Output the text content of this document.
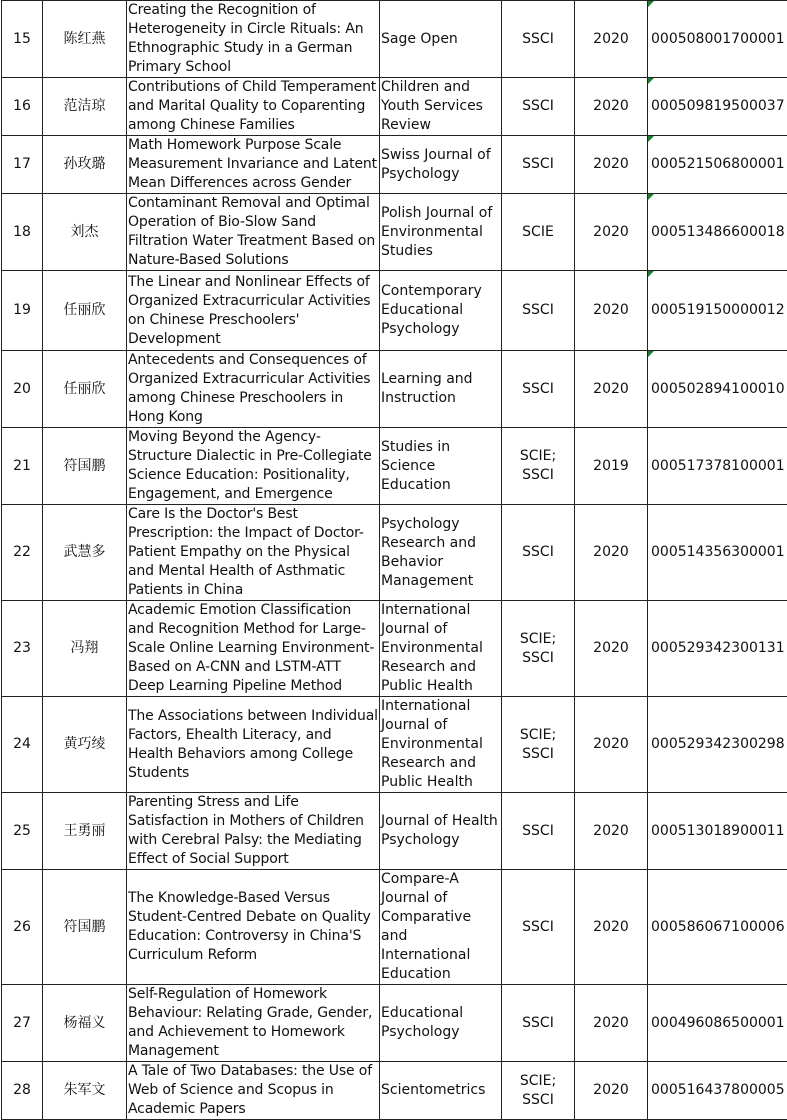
15	陈红燕	Creating the Recognition of Heterogeneity in Circle Rituals: An Ethnographic Study in a German Primary School	Sage Open	SSCI	2020	000508001700001

16	范洁琼	Contributions of Child Temperament and Marital Quality to Coparenting among Chinese Families	Children and Youth Services Review	SSCI	2020	000509819500037

17	孙玫璐	Math Homework Purpose Scale Measurement Invariance and Latent Mean Differences across Gender	Swiss Journal of Psychology	SSCI	2020	000521506800001

18	刘杰	Contaminant Removal and Optimal Operation of Bio-Slow Sand Filtration Water Treatment Based on Nature-Based Solutions	Polish Journal of Environmental Studies	SCIE	2020	000513486600018

19	任丽欣	The Linear and Nonlinear Effects of Organized Extracurricular Activities on Chinese Preschoolers' Development	Contemporary Educational Psychology	SSCI	2020	000519150000012

20	任丽欣	Antecedents and Consequences of Organized Extracurricular Activities among Chinese Preschoolers in Hong Kong	Learning and Instruction	SSCI	2020	000502894100010

21	符国鹏	Moving Beyond the Agency-Structure Dialectic in Pre-Collegiate Science Education: Positionality, Engagement, and Emergence	Studies in Science Education	SCIE; SSCI	2019	000517378100001

22	武慧多	Care Is the Doctor's Best Prescription: the Impact of Doctor-Patient Empathy on the Physical and Mental Health of Asthmatic Patients in China	Psychology Research and Behavior Management	SSCI	2020	000514356300001

23	冯翔	Academic Emotion Classification and Recognition Method for Large-Scale Online Learning Environment-Based on A-CNN and LSTM-ATT Deep Learning Pipeline Method	International Journal of Environmental Research and Public Health	SCIE; SSCI	2020	000529342300131

24	黄巧绫	The Associations between Individual Factors, Ehealth Literacy, and Health Behaviors among College Students	International Journal of Environmental Research and Public Health	SCIE; SSCI	2020	000529342300298

25	王勇丽	Parenting Stress and Life Satisfaction in Mothers of Children with Cerebral Palsy: the Mediating Effect of Social Support	Journal of Health Psychology	SSCI	2020	000513018900011

26	符国鹏	The Knowledge-Based Versus Student-Centred Debate on Quality Education: Controversy in China'S Curriculum Reform	Compare-A Journal of Comparative and International Education	SSCI	2020	000586067100006

27	杨福义	Self-Regulation of Homework Behaviour: Relating Grade, Gender, and Achievement to Homework Management	Educational Psychology	SSCI	2020	000496086500001

28	朱军文	A Tale of Two Databases: the Use of Web of Science and Scopus in Academic Papers	Scientometrics	SCIE; SSCI	2020	000516437800005
